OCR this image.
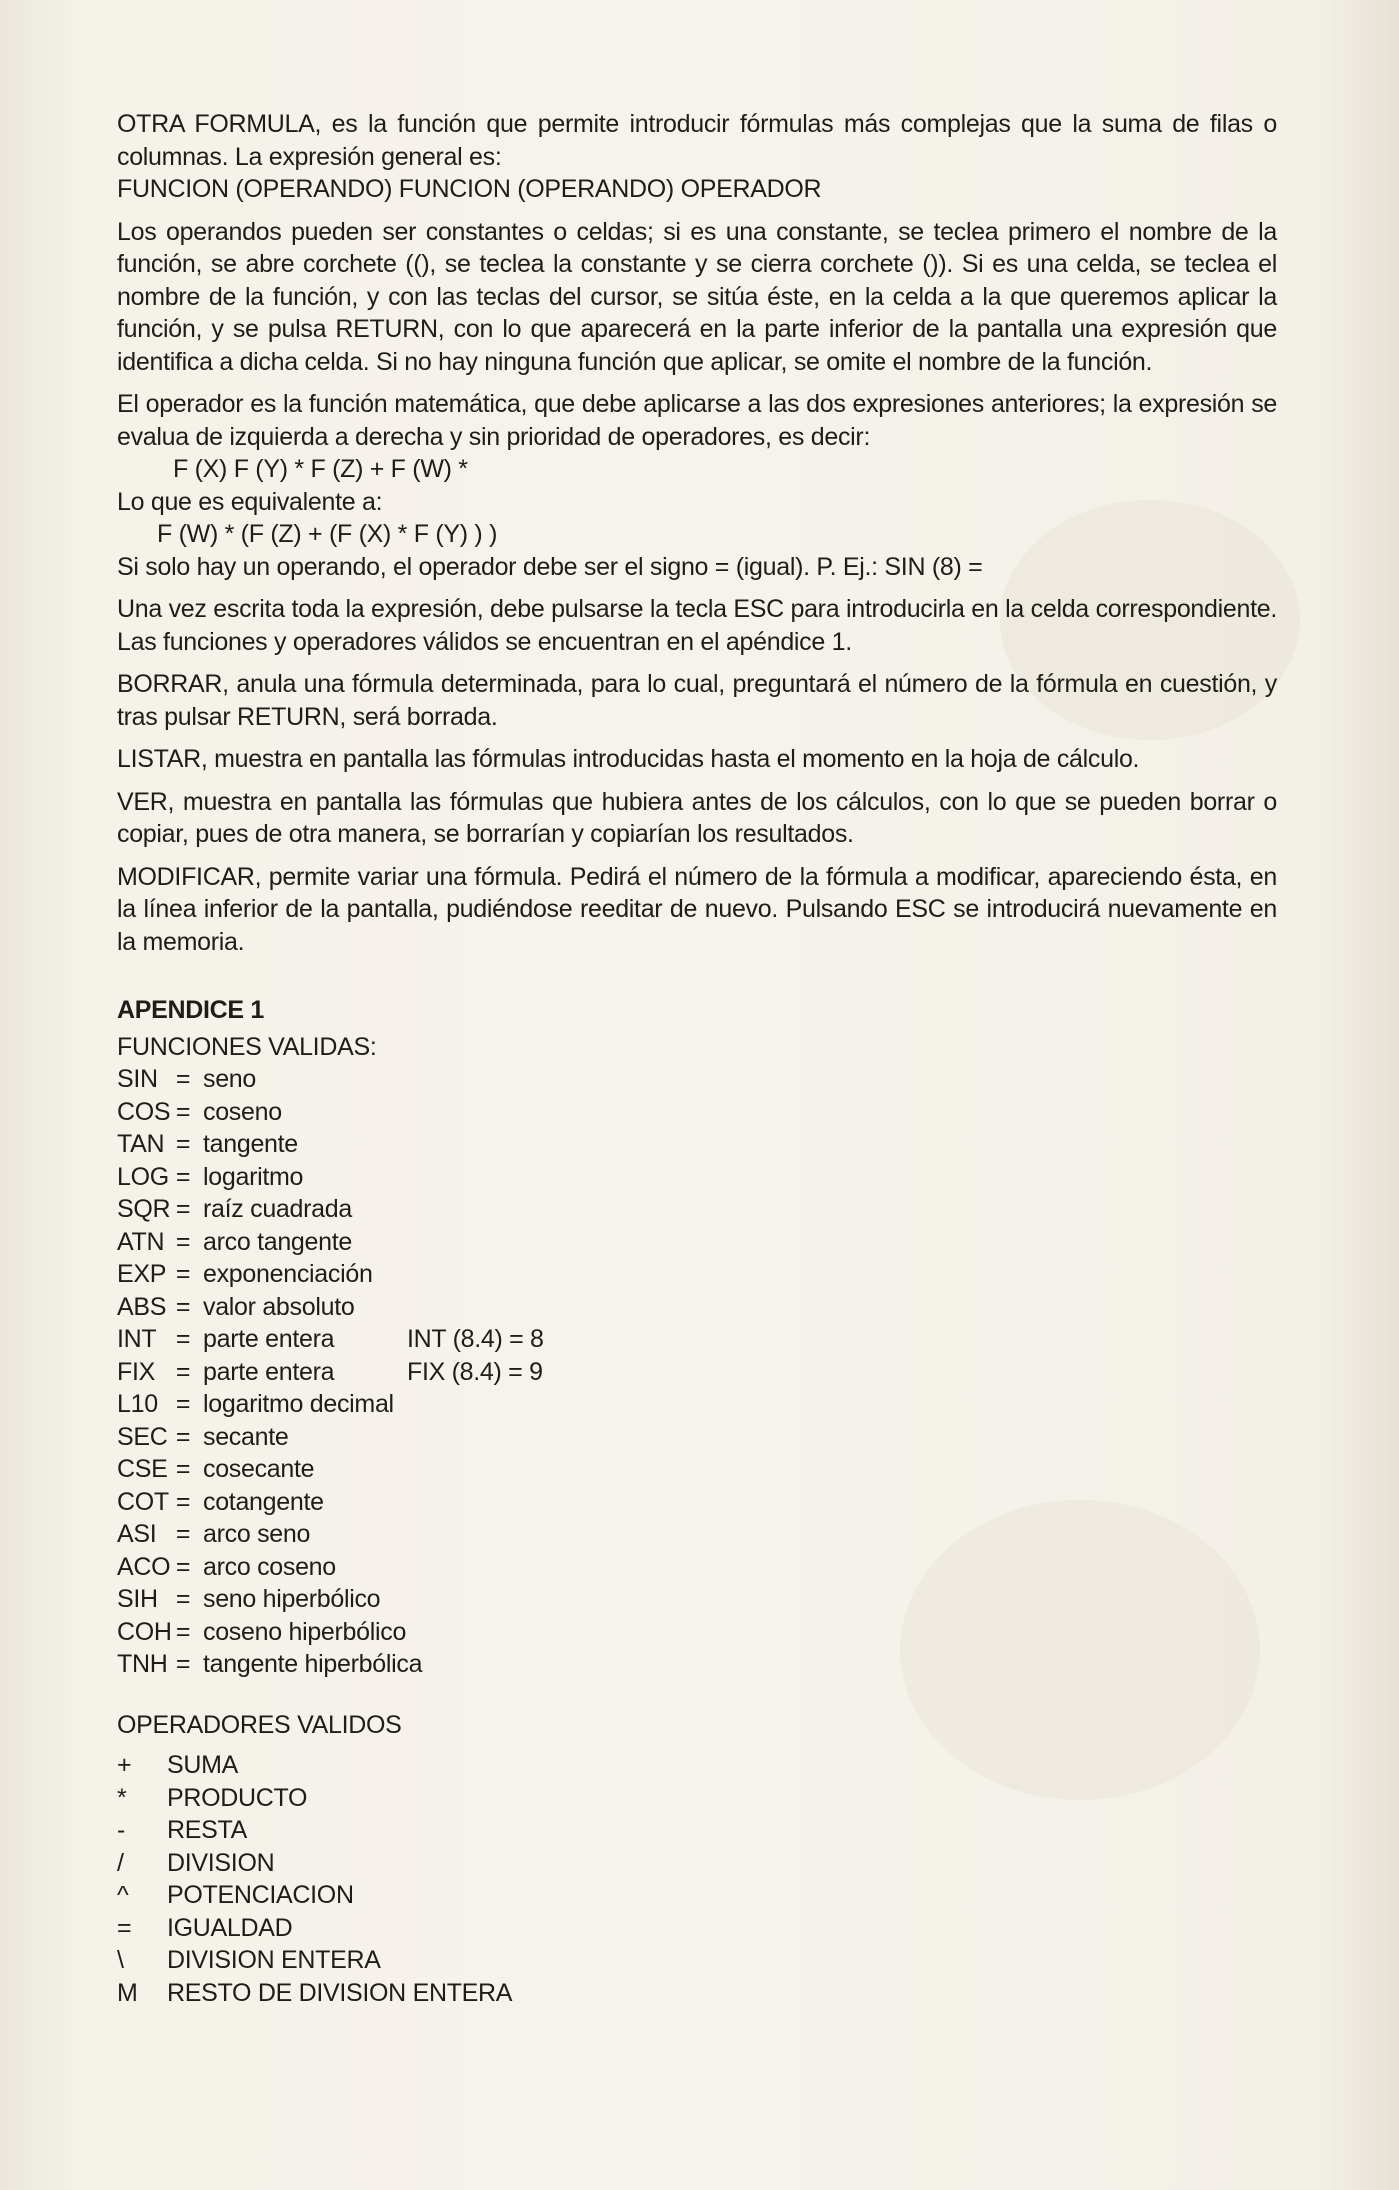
OTRA FORMULA, es la función que permite introducir fórmulas más complejas que la suma de filas o columnas. La expresión general es:

FUNCION (OPERANDO) FUNCION (OPERANDO) OPERADOR

Los operandos pueden ser constantes o celdas; si es una constante, se teclea primero el nombre de la función, se abre corchete ((), se teclea la constante y se cierra corchete ()). Si es una celda, se teclea el nombre de la función, y con las teclas del cursor, se sitúa éste, en la celda a la que queremos aplicar la función, y se pulsa RETURN, con lo que aparecerá en la parte inferior de la pantalla una expresión que identifica a dicha celda. Si no hay ninguna función que aplicar, se omite el nombre de la función.

El operador es la función matemática, que debe aplicarse a las dos expresiones anteriores; la expresión se evalua de izquierda a derecha y sin prioridad de operadores, es decir:

F (X) F (Y) * F (Z) + F (W) *

Lo que es equivalente a:

F (W) * (F (Z) + (F (X) * F (Y) ) )

Si solo hay un operando, el operador debe ser el signo = (igual). P. Ej.: SIN (8) =

Una vez escrita toda la expresión, debe pulsarse la tecla ESC para introducirla en la celda correspondiente. Las funciones y operadores válidos se encuentran en el apéndice 1.

BORRAR, anula una fórmula determinada, para lo cual, preguntará el número de la fórmula en cuestión, y tras pulsar RETURN, será borrada.

LISTAR, muestra en pantalla las fórmulas introducidas hasta el momento en la hoja de cálculo.

VER, muestra en pantalla las fórmulas que hubiera antes de los cálculos, con lo que se pueden borrar o copiar, pues de otra manera, se borrarían y copiarían los resultados.

MODIFICAR, permite variar una fórmula. Pedirá el número de la fórmula a modificar, apareciendo ésta, en la línea inferior de la pantalla, pudiéndose reeditar de nuevo. Pulsando ESC se introducirá nuevamente en la memoria.

APENDICE 1
FUNCIONES VALIDAS:
SIN = seno
COS = coseno
TAN = tangente
LOG = logaritmo
SQR = raíz cuadrada
ATN = arco tangente
EXP = exponenciación
ABS = valor absoluto
INT = parte entera	INT (8.4) = 8
FIX = parte entera	FIX (8.4) = 9
L10 = logaritmo decimal
SEC = secante
CSE = cosecante
COT = cotangente
ASI = arco seno
ACO = arco coseno
SIH = seno hiperbólico
COH = coseno hiperbólico
TNH = tangente hiperbólica
OPERADORES VALIDOS
+	SUMA
*	PRODUCTO
-	RESTA
/	DIVISION
^	POTENCIACION
=	IGUALDAD
\	DIVISION ENTERA
M	RESTO DE DIVISION ENTERA
